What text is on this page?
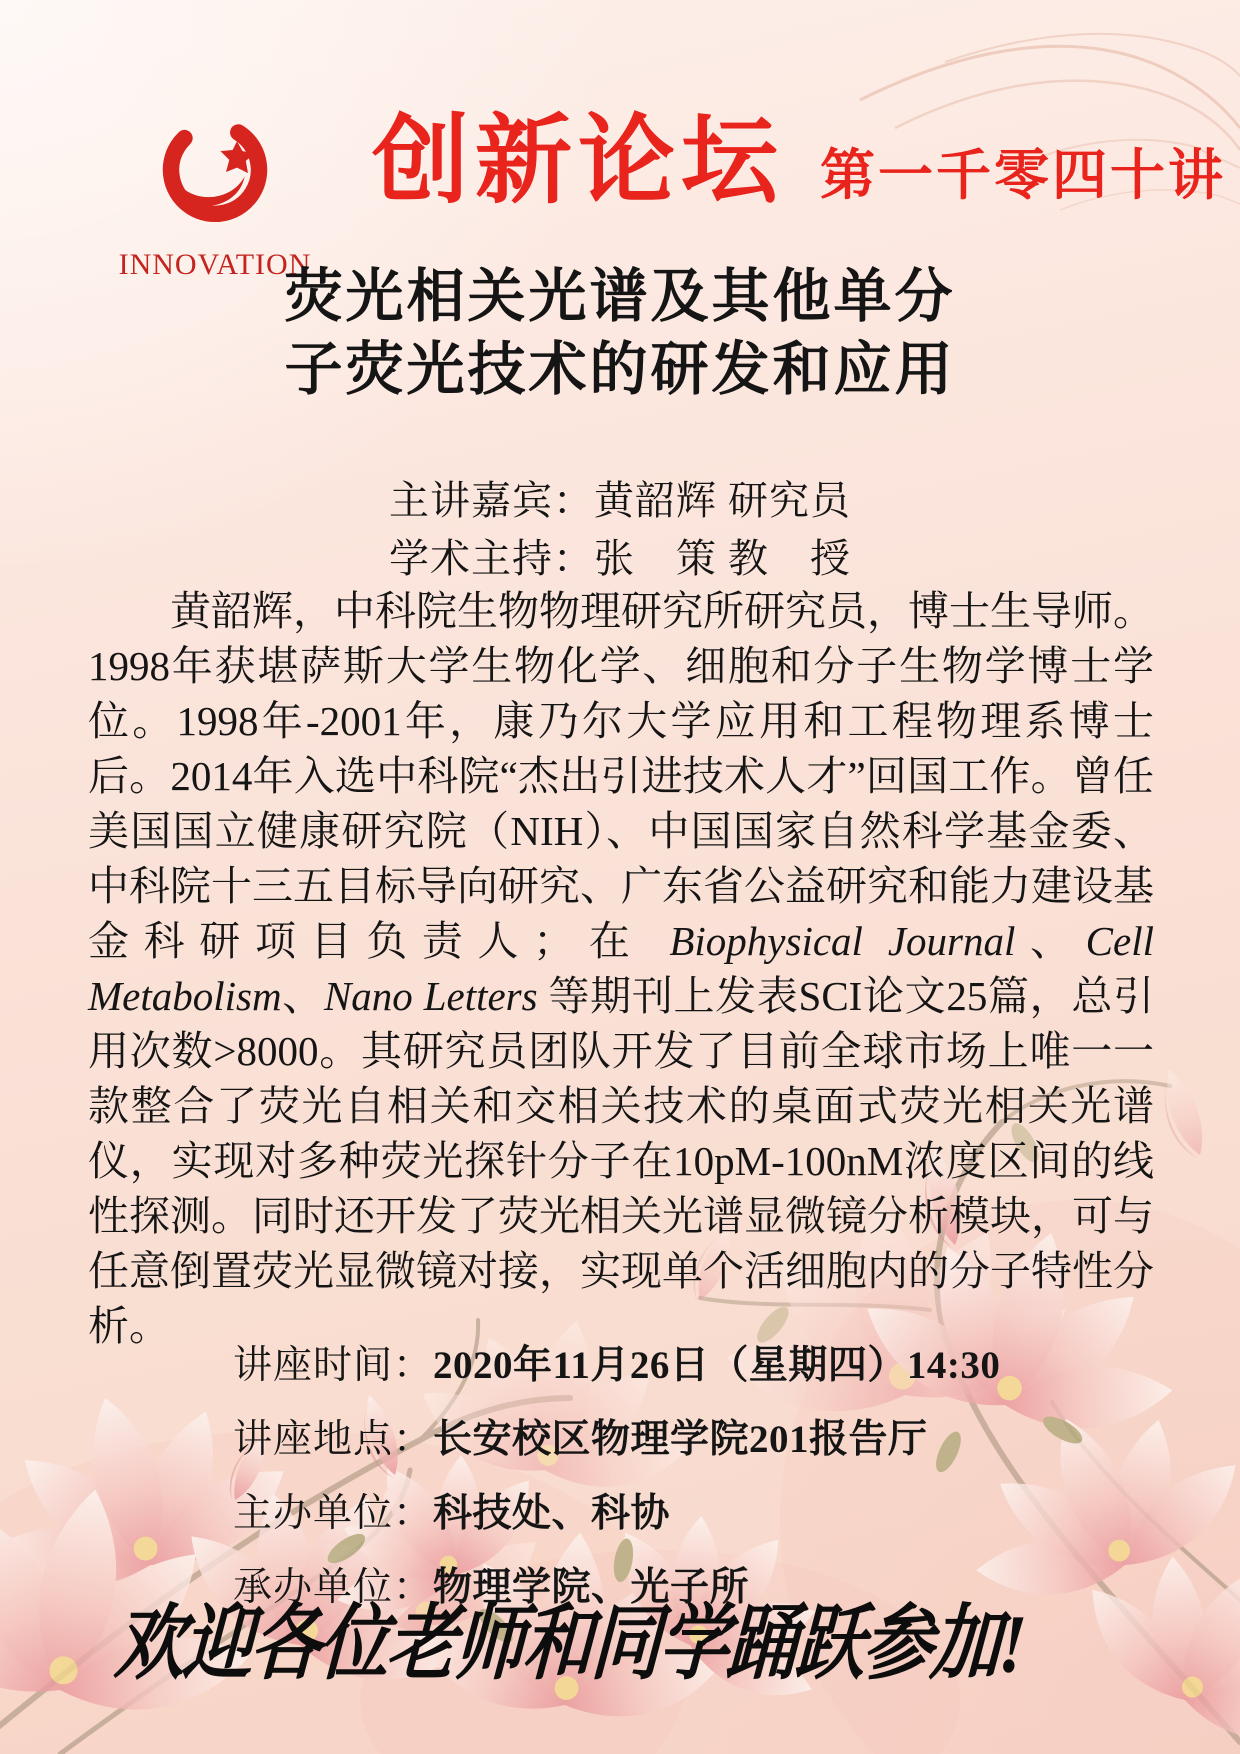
INNOVATION
创新论坛 第一千零四十讲
荧光相关光谱及其他单分
子荧光技术的研发和应用
主讲嘉宾：黄韶辉 研究员
学术主持：张　策 教　授
黄韶辉，中科院生物物理研究所研究员，博士生导师。1998年获堪萨斯大学生物化学、细胞和分子生物学博士学位。1998年-2001年，康乃尔大学应用和工程物理系博士后。2014年入选中科院“杰出引进技术人才”回国工作。曾任美国国立健康研究院（NIH）、中国国家自然科学基金委、中科院十三五目标导向研究、广东省公益研究和能力建设基金科研项目负责人；在 Biophysical Journal、Cell Metabolism、Nano Letters 等期刊上发表SCI论文25篇，总引用次数>8000。其研究员团队开发了目前全球市场上唯一一款整合了荧光自相关和交相关技术的桌面式荧光相关光谱仪，实现对多种荧光探针分子在10pM-100nM浓度区间的线性探测。同时还开发了荧光相关光谱显微镜分析模块，可与任意倒置荧光显微镜对接，实现单个活细胞内的分子特性分析。
讲座时间：2020年11月26日（星期四）14:30
讲座地点：长安校区物理学院201报告厅
主办单位：科技处、科协
承办单位：物理学院、光子所
欢迎各位老师和同学踊跃参加!
